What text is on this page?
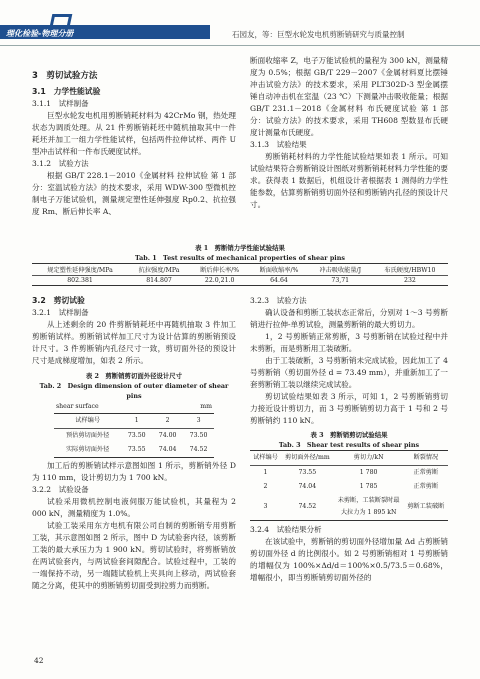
理化检验-物理分册	石园友，等：巨型水轮发电机剪断销研究与质量控制
3　剪切试验方法
3.1　力学性能试验
3.1.1　试样制备

巨型水轮发电机用剪断销耗材料为 42CrMo 钢，热处理状态为调质处理。从 21 件剪断销耗坯中随机抽取其中一件耗坯并加工一组力学性能试样，包括两件拉伸试样、两件 U 型冲击试样和一件布氏硬度试样。

3.1.2　试验方法

根据 GB/T 228.1－2010《金属材料 拉伸试验 第 1 部分：室温试验方法》的技术要求，采用 WDW-300 型微机控制电子万能试验机，测量规定塑性延伸强度 Rp0.2、抗拉强度 Rm、断后伸长率 A、

断面收缩率 Z，电子万能试验机的量程为 300 kN，测量精度为 0.5%；根据 GB/T 229－2007《金属材料夏比摆锤冲击试验方法》的技术要求，采用 PLT302D-3 型金属摆锤自动冲击机在室温（23 ℃）下测量冲击吸收能量；根据 GB/T 231.1－2018《金属材料 布氏硬度试验 第 1 部分：试验方法》的技术要求，采用 TH608 型数显布氏硬度计测量布氏硬度。

3.1.3　试验结果

剪断销耗材料的力学性能试验结果如表 1 所示。可知试验结果符合剪断销设计图纸对剪断销耗材料力学性能的要求。获得表 1 数据后，机组设计者根据表 1 测得的力学性能参数，估算剪断销剪切面外径和剪断销内孔径的预设计尺寸。

表 1　剪断销力学性能试验结果
Tab. 1　Test results of mechanical properties of shear pins
规定塑性延伸强度/MPa	抗拉强度/MPa	断后伸长率/%	断面收缩率/%	冲击吸收能量/J	布氏硬度/HBW10
802.381	814.807	22.0,21.0	64.64	73,71	232
3.2　剪切试验
3.2.1　试样制备

从上述剩余的 20 件剪断销耗坯中再随机抽取 3 件加工剪断销试样。剪断销试样加工尺寸为设计估算的剪断销预设计尺寸。3 件剪断销内孔径尺寸一致，剪切面外径的预设计尺寸是成梯度增加，如表 2 所示。

表 2　剪断销剪切面外径设计尺寸
Tab. 2　Design dimension of outer diameter of shear pins
shear surface	mm
试样编号	1	2	3
预估剪切面外径	73.50	74.00	73.50
实际剪切面外径	73.55	74.04	74.52

加工后的剪断销试样示意图如图 1 所示，剪断销外径 D 为 110 mm，设计剪切力为 1 700 kN。

3.2.2　试验设备

试验采用微机控制电液伺服万能试验机，其量程为 2 000 kN，测量精度为 1.0%。

试验工装采用东方电机有限公司自制的剪断销专用剪断工装，其示意图如图 2 所示，图中 D 为试验套内径，该剪断工装的最大承压力为 1 900 kN。剪切试验时，将剪断销放在两试验套内，与两试验套间隙配合。试验过程中，工装的一端保持不动，另一端随试验机上夹具向上移动，两试验套随之分离，使其中的剪断销剪切面受到拉剪力而剪断。

3.2.3　试验方法

确认设备和剪断工装状态正常后，分别对 1～3 号剪断销进行拉伸-单剪试验，测量剪断销的最大剪切力。

1，2 号剪断销正常剪断，3 号剪断销在试验过程中并未剪断，而是剪断用工装破断。

由于工装破断，3 号剪断销未完成试验，因此加工了 4 号剪断销（剪切面外径 d = 73.49 mm），并重新加工了一套剪断销工装以继续完成试验。

剪切试验结果如表 3 所示，可知 1，2 号剪断销剪切力接近设计剪切力，而 3 号剪断销剪切力高于 1 号和 2 号剪断销约 110 kN。

表 3　剪断销剪切试验结果
Tab. 3　Shear test results of shear pins
试样编号	剪切面外径/mm	剪切力/kN	断裂情况
1	73.55	1 780	正常剪断
2	74.04	1 785	正常剪断
3	74.52	未剪断，工装断裂时最大拉力为 1 895 kN	剪断工装破断
3.2.4　试验结果分析

在该试验中，剪断销的剪切面外径增加量 Δd 占剪断销剪切面外径 d 的比例很小。如 2 号剪断销相对 1 号剪断销的增幅仅为 100%×Δd/d＝100%×0.5/73.5＝0.68%，增幅很小，即当剪断销剪切面外径的

42
